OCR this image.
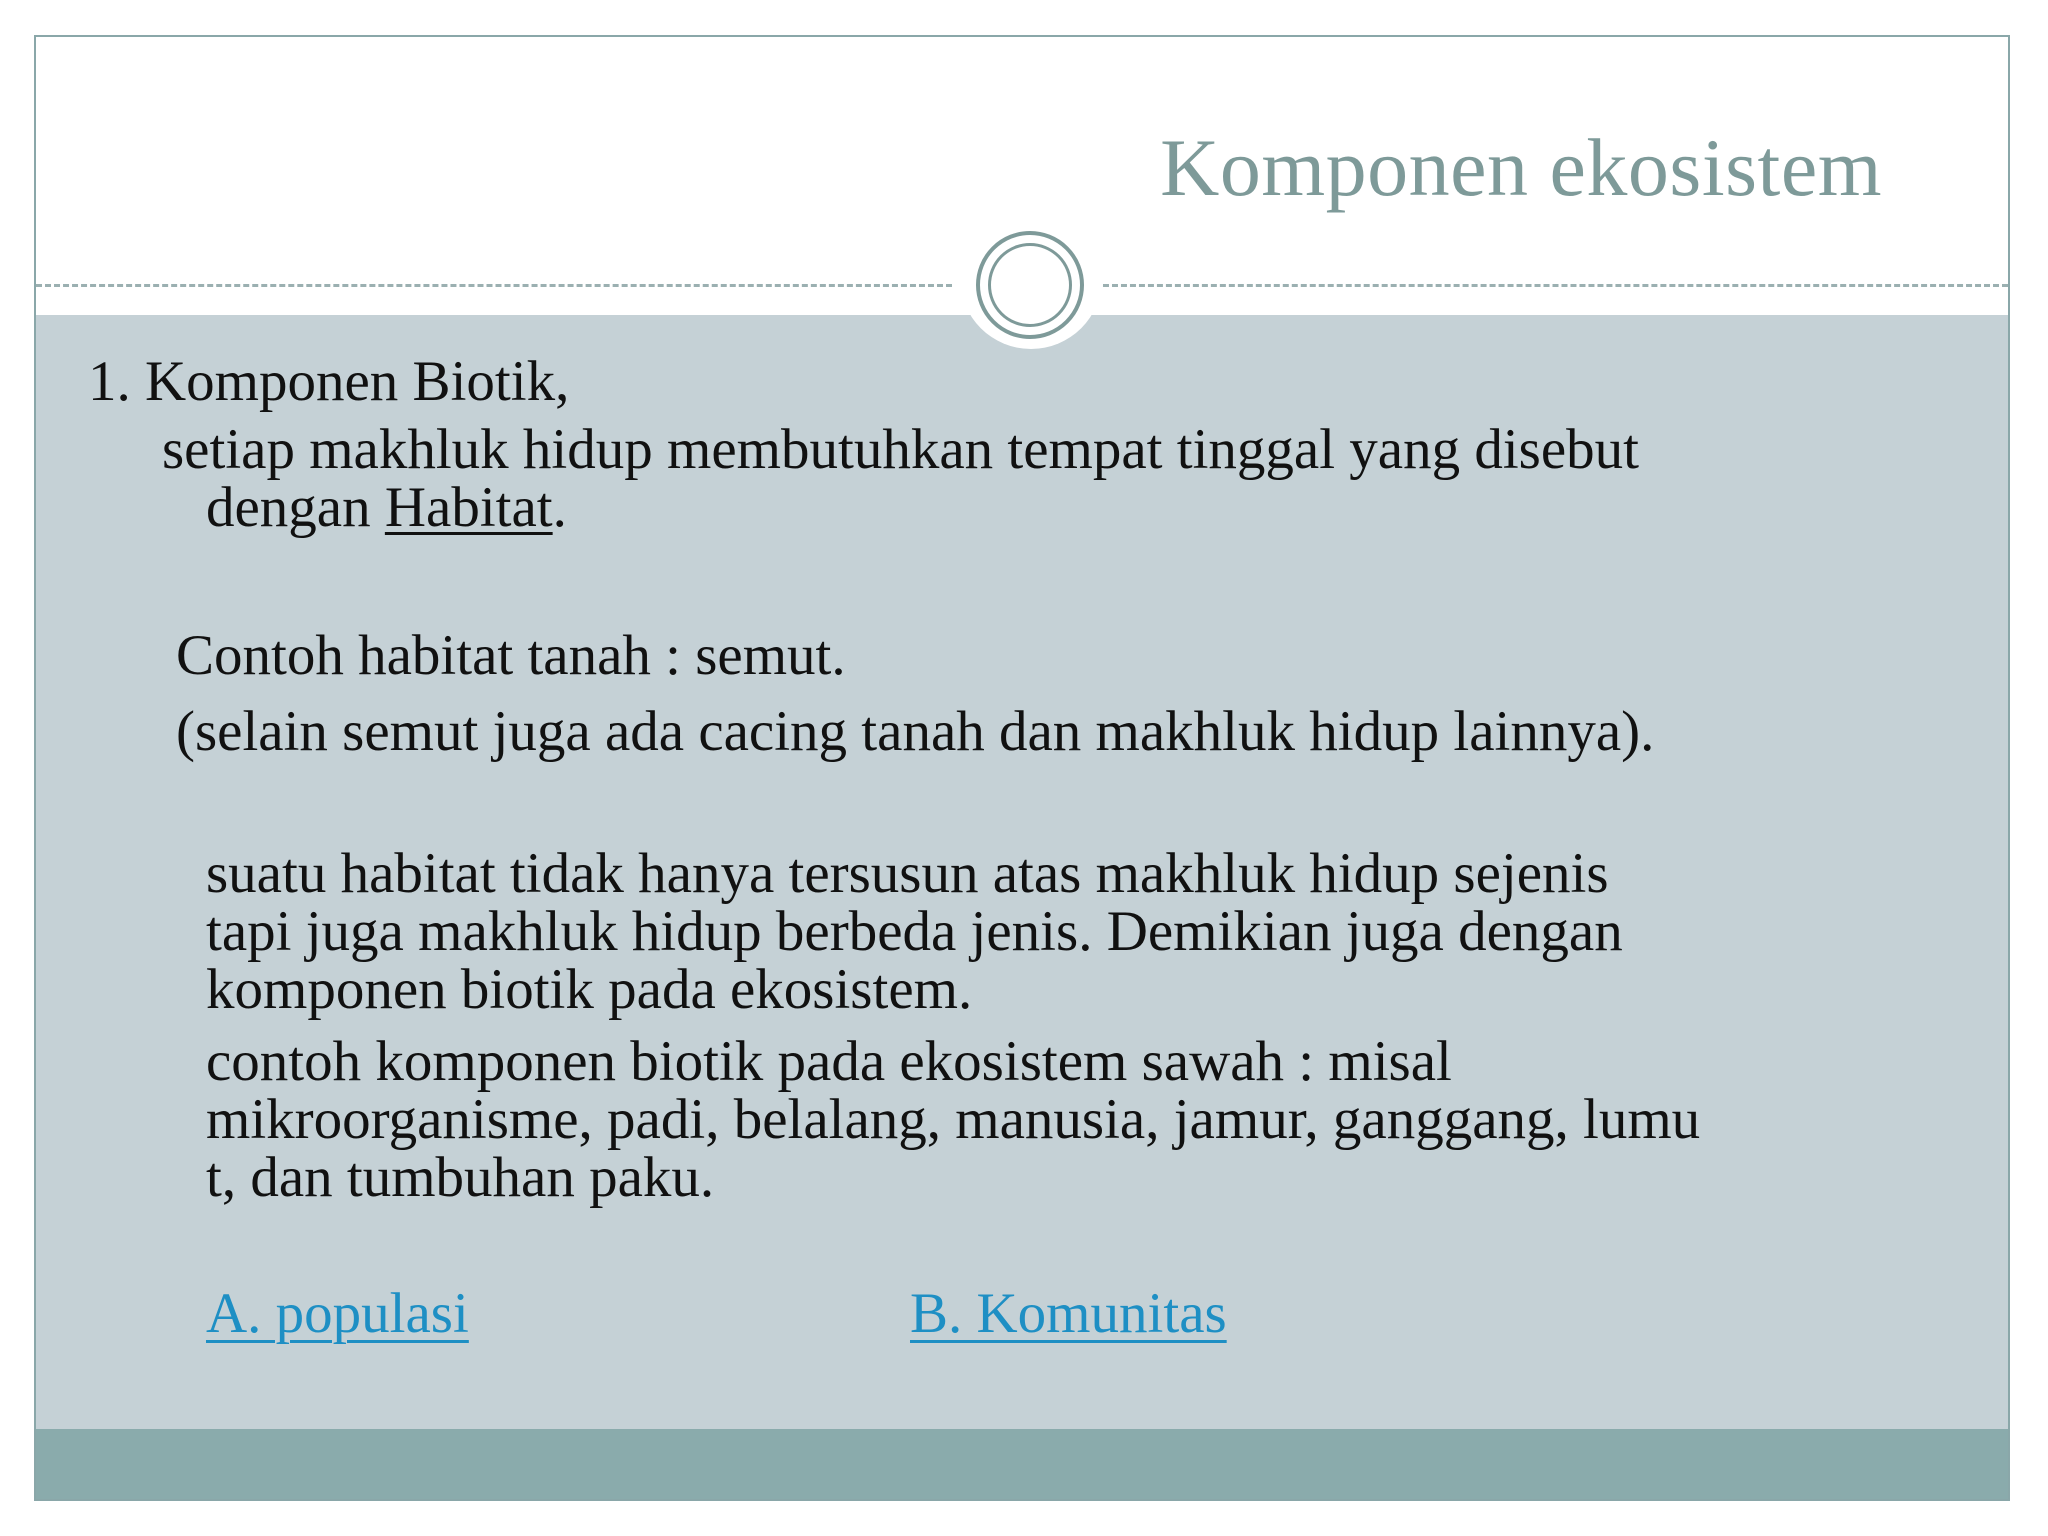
Komponen ekosistem
1. Komponen Biotik,
setiap makhluk hidup membutuhkan tempat tinggal yang disebut
dengan Habitat.
Contoh habitat tanah : semut.
(selain semut juga ada cacing tanah dan makhluk hidup lainnya).
suatu habitat tidak hanya tersusun atas makhluk hidup sejenis
tapi juga makhluk hidup berbeda jenis. Demikian juga dengan
komponen biotik pada ekosistem.
contoh komponen biotik pada ekosistem sawah : misal
mikroorganisme, padi, belalang, manusia, jamur, ganggang, lumu
t, dan tumbuhan paku.
A. populasi	B. Komunitas
